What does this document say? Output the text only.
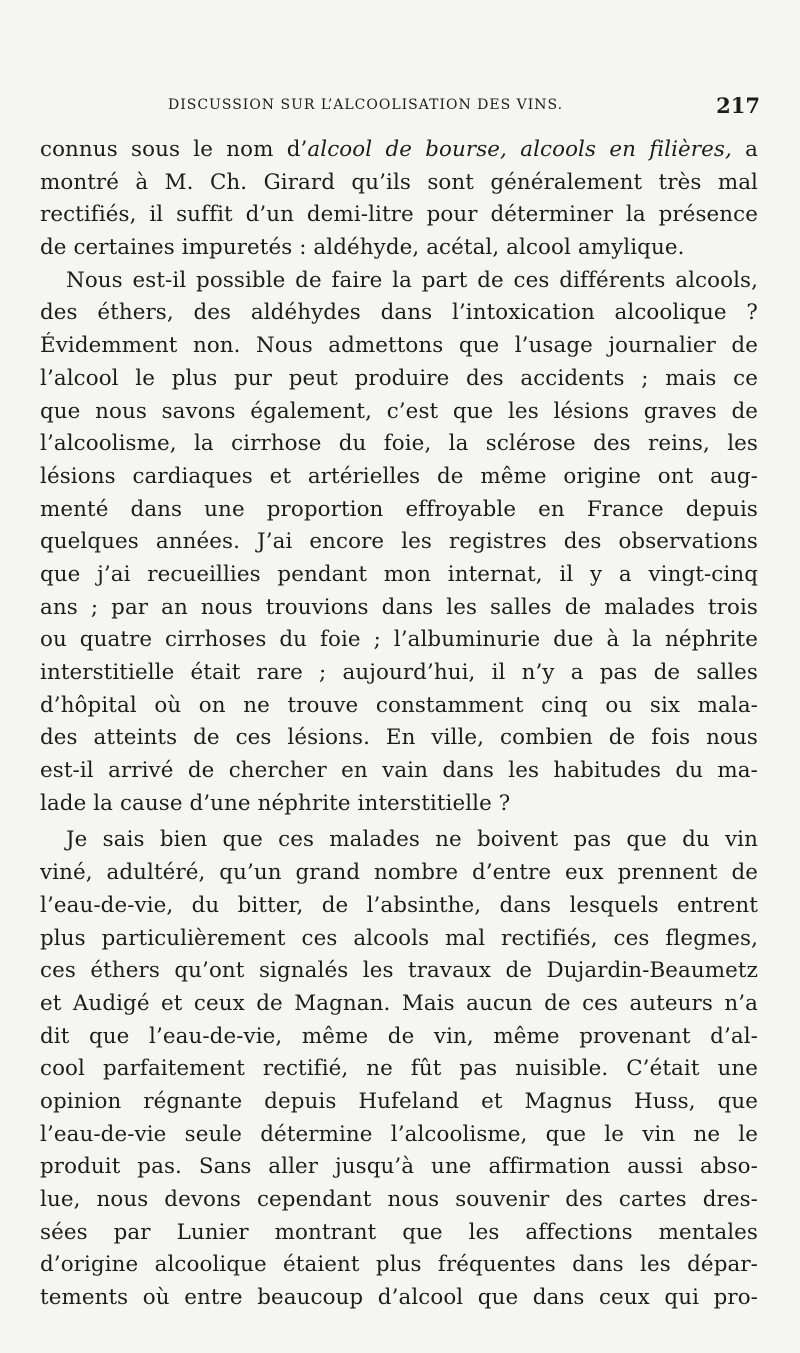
DISCUSSION SUR L’ALCOOLISATION DES VINS.	217
connus sous le nom d’alcool de bourse, alcools en filières, a
montré à M. Ch. Girard qu’ils sont généralement très mal
rectifiés, il suffit d’un demi-litre pour déterminer la présence
de certaines impuretés : aldéhyde, acétal, alcool amylique.
Nous est-il possible de faire la part de ces différents alcools,
des éthers, des aldéhydes dans l’intoxication alcoolique ?
Évidemment non. Nous admettons que l’usage journalier de
l’alcool le plus pur peut produire des accidents ; mais ce
que nous savons également, c’est que les lésions graves de
l’alcoolisme, la cirrhose du foie, la sclérose des reins, les
lésions cardiaques et artérielles de même origine ont aug-
menté dans une proportion effroyable en France depuis
quelques années. J’ai encore les registres des observations
que j’ai recueillies pendant mon internat, il y a vingt-cinq
ans ; par an nous trouvions dans les salles de malades trois
ou quatre cirrhoses du foie ; l’albuminurie due à la néphrite
interstitielle était rare ; aujourd’hui, il n’y a pas de salles
d’hôpital où on ne trouve constamment cinq ou six mala-
des atteints de ces lésions. En ville, combien de fois nous
est-il arrivé de chercher en vain dans les habitudes du ma-
lade la cause d’une néphrite interstitielle ?
Je sais bien que ces malades ne boivent pas que du vin
viné, adultéré, qu’un grand nombre d’entre eux prennent de
l’eau-de-vie, du bitter, de l’absinthe, dans lesquels entrent
plus particulièrement ces alcools mal rectifiés, ces flegmes,
ces éthers qu’ont signalés les travaux de Dujardin-Beaumetz
et Audigé et ceux de Magnan. Mais aucun de ces auteurs n’a
dit que l’eau-de-vie, même de vin, même provenant d’al-
cool parfaitement rectifié, ne fût pas nuisible. C’était une
opinion régnante depuis Hufeland et Magnus Huss, que
l’eau-de-vie seule détermine l’alcoolisme, que le vin ne le
produit pas. Sans aller jusqu’à une affirmation aussi abso-
lue, nous devons cependant nous souvenir des cartes dres-
sées par Lunier montrant que les affections mentales
d’origine alcoolique étaient plus fréquentes dans les dépar-
tements où entre beaucoup d’alcool que dans ceux qui pro-
